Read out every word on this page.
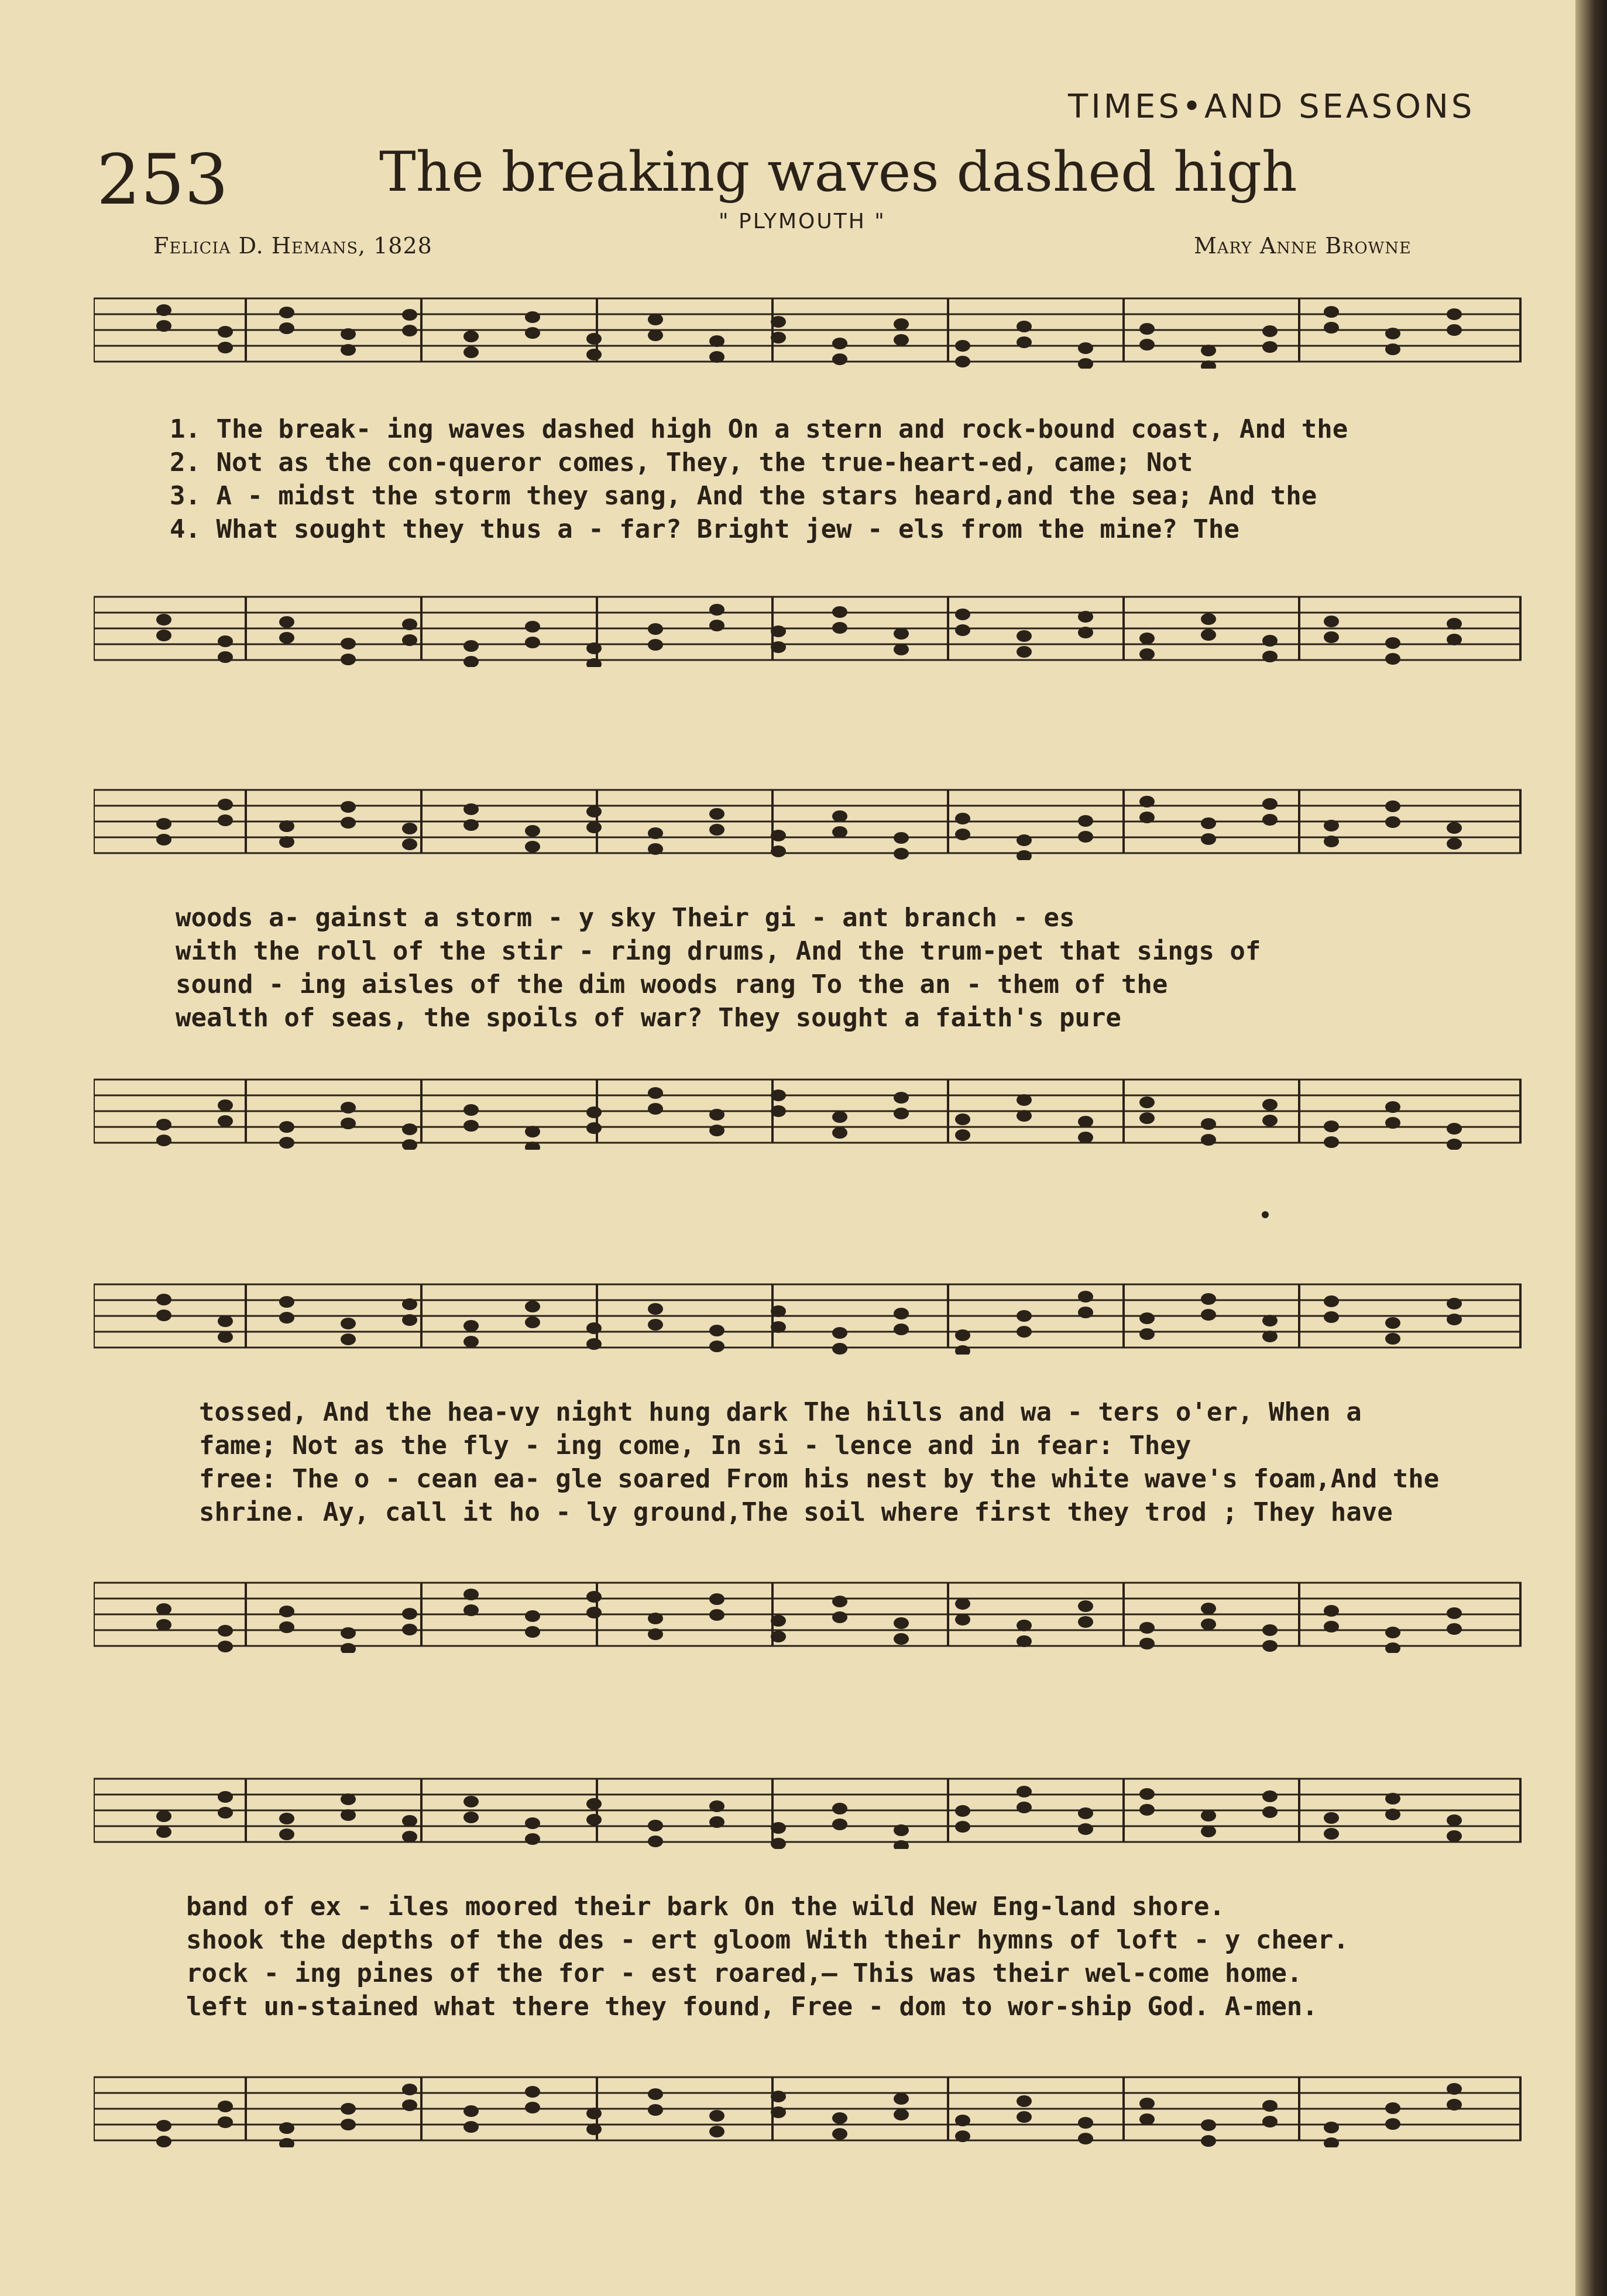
TIMES•AND SEASONS
253	The breaking waves dashed high
" PLYMOUTH "
Felicia D. Hemans, 1828	Mary Anne Browne
1. The break- ing waves dashed high On a stern and rock-bound coast, And the
2. Not as the con-queror comes, They, the true-heart-ed, came; Not
3. A - midst the storm they sang, And the stars heard,and the sea; And the
4. What sought they thus a - far? Bright jew - els from the mine? The
woods a- gainst a storm - y sky Their gi - ant branch - es
with the roll of the stir - ring drums, And the trum-pet that sings of
sound - ing aisles of the dim woods rang To the an - them of the
wealth of seas, the spoils of war? They sought a faith's pure
tossed, And the hea-vy night hung dark The hills and wa - ters o'er, When a
fame; Not as the fly - ing come, In si - lence and in fear: They
free: The o - cean ea- gle soared From his nest by the white wave's foam,And the
shrine. Ay, call it ho - ly ground,The soil where first they trod ; They have
band of ex - iles moored their bark On the wild New Eng-land shore.
shook the depths of the des - ert gloom With their hymns of loft - y cheer.
rock - ing pines of the for - est roared,— This was their wel-come home.
left un-stained what there they found, Free - dom to wor-ship God. A-men.
